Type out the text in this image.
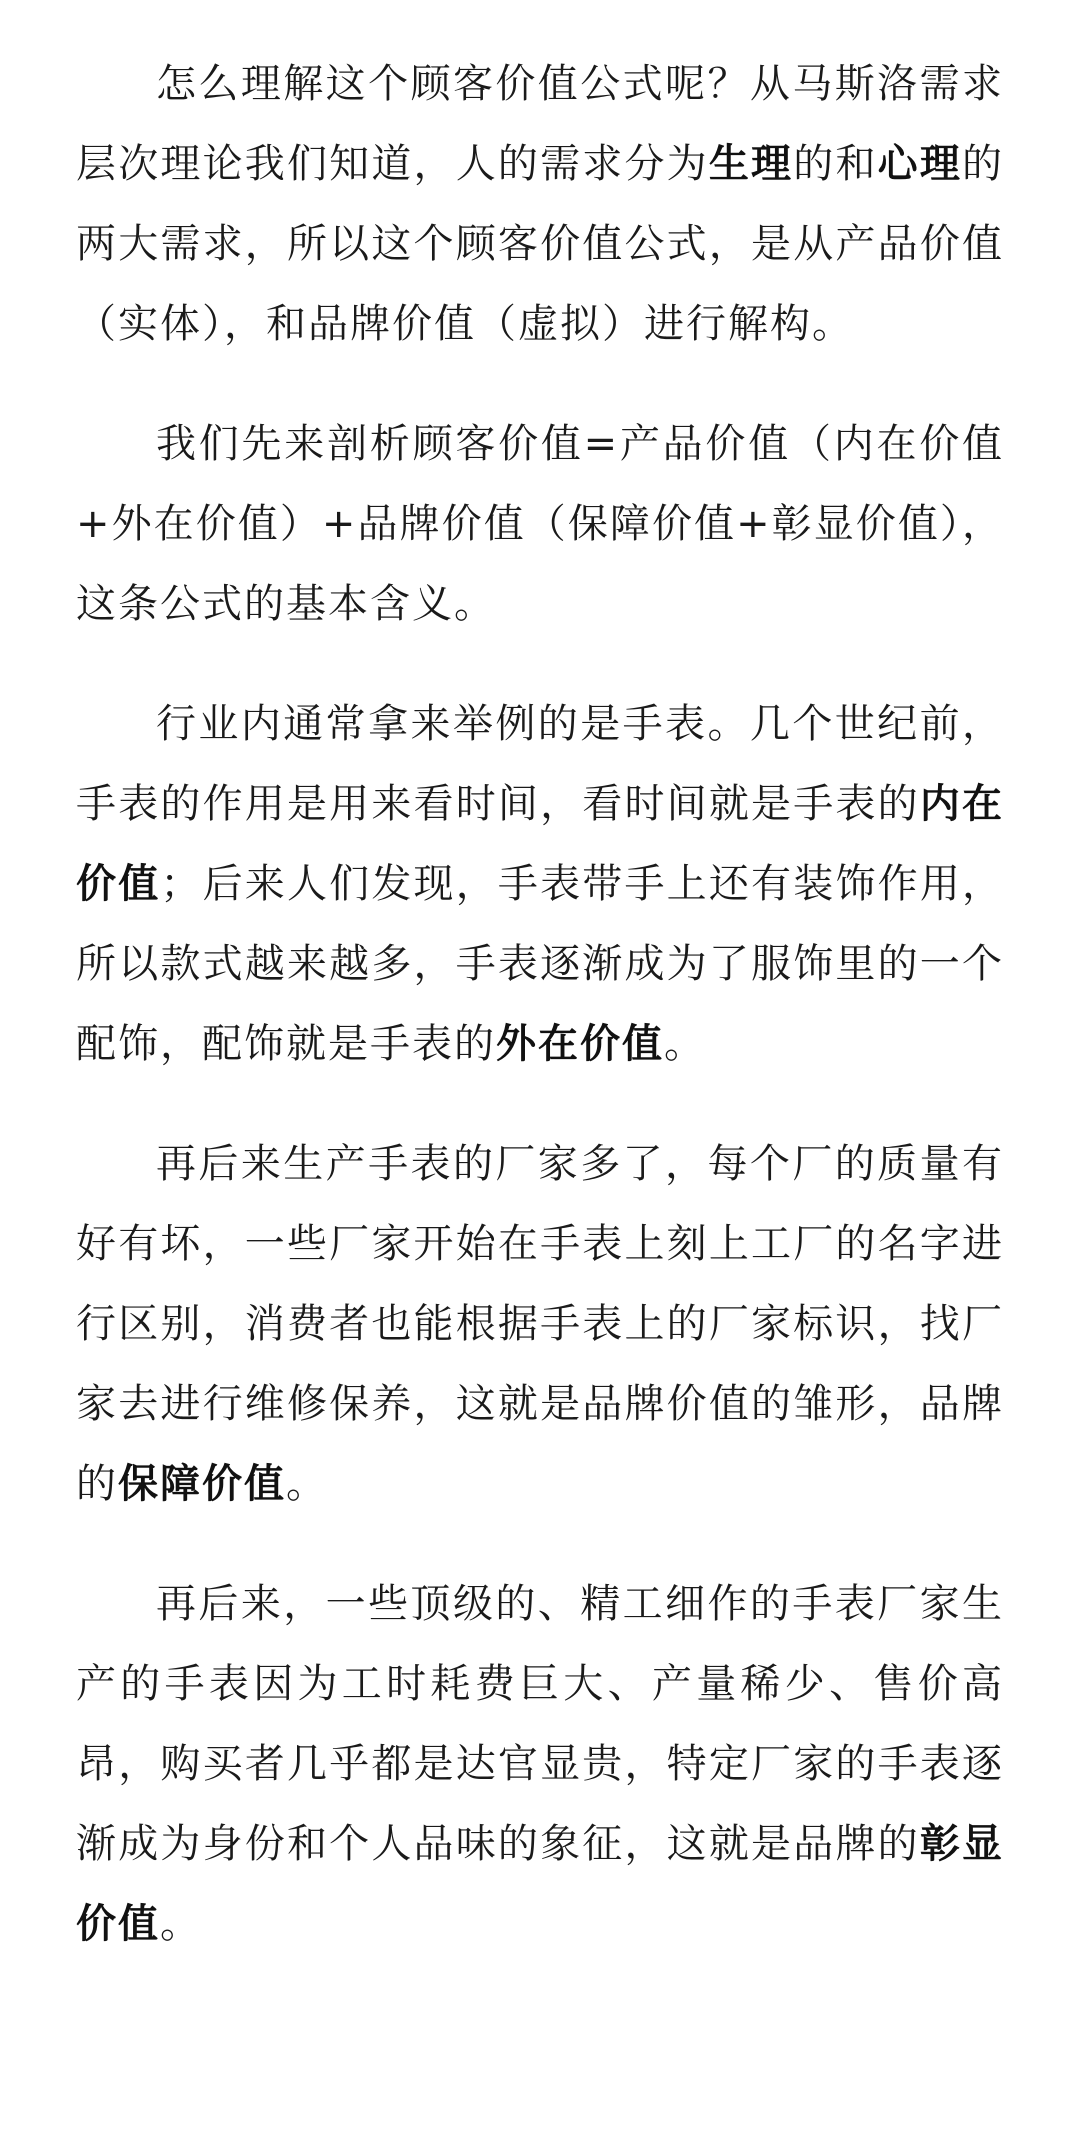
怎么理解这个顾客价值公式呢？从马斯洛需求层次理论我们知道，人的需求分为生理的和心理的两大需求，所以这个顾客价值公式，是从产品价值（实体），和品牌价值（虚拟）进行解构。

我们先来剖析顾客价值=产品价值（内在价值+外在价值）+品牌价值（保障价值+彰显价值），这条公式的基本含义。

行业内通常拿来举例的是手表。几个世纪前，手表的作用是用来看时间，看时间就是手表的内在价值；后来人们发现，手表带手上还有装饰作用，所以款式越来越多，手表逐渐成为了服饰里的一个配饰，配饰就是手表的外在价值。

再后来生产手表的厂家多了，每个厂的质量有好有坏，一些厂家开始在手表上刻上工厂的名字进行区别，消费者也能根据手表上的厂家标识，找厂家去进行维修保养，这就是品牌价值的雏形，品牌的保障价值。

再后来，一些顶级的、精工细作的手表厂家生产的手表因为工时耗费巨大、产量稀少、售价高昂，购买者几乎都是达官显贵，特定厂家的手表逐渐成为身份和个人品味的象征，这就是品牌的彰显价值。
